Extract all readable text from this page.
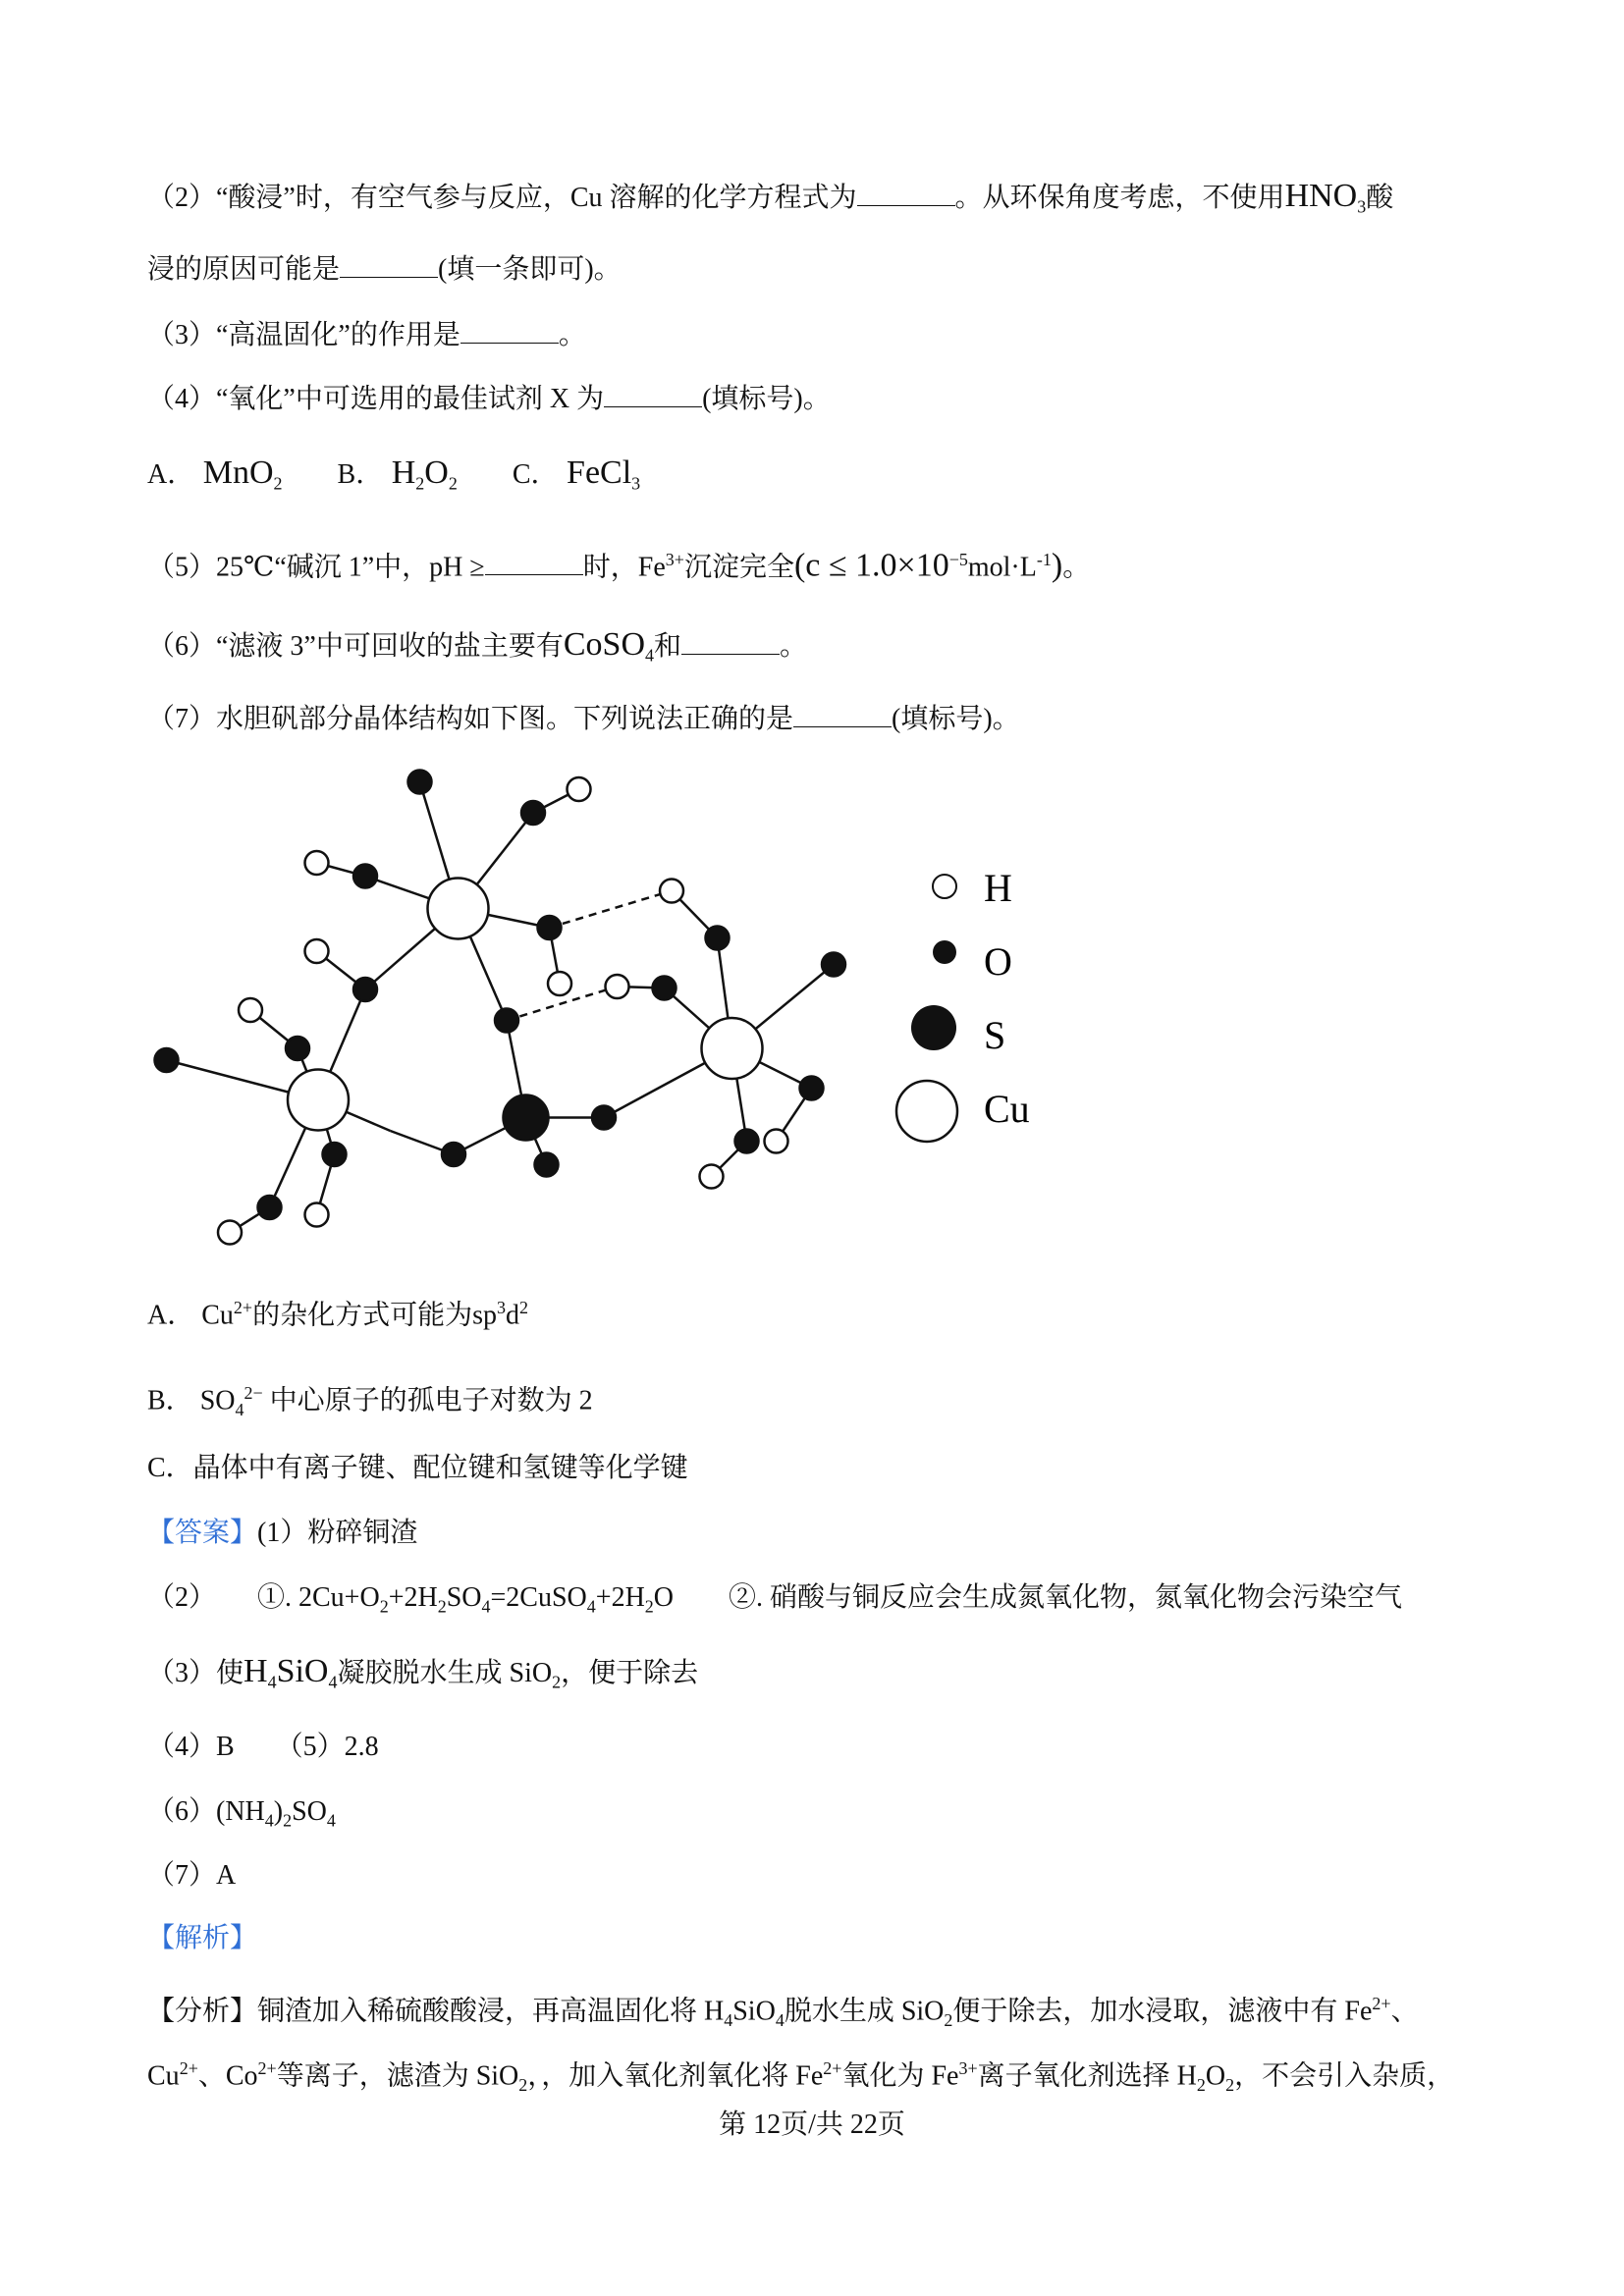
（2）“酸浸”时，有空气参与反应，Cu 溶解的化学方程式为	。从环保角度考虑，不使用$HNO_3$酸
浸的原因可能是	(填一条即可)。
（3）“高温固化”的作用是	。
（4）“氧化”中可选用的最佳试剂 X 为	(填标号)。
A． MnO$_2$　　B． $H_2O_2$　　C． FeCl$_3$
（5）25℃“碱沉 1”中，pH ≥	时，$Fe^{3+}$沉淀完全$(c \le 1.0\times 10^{-5}mol\cdot L^{-1})$。
（6）“滤液 3”中可回收的盐主要有CoSO$_4$和	。
（7）水胆矾部分晶体结构如下图。下列说法正确的是	(填标号)。
A． $Cu^{2+}$的杂化方式可能为$sp^3d^2$
B． $SO_4^{2-}$ 中心原子的孤电子对数为 2
C．晶体中有离子键、配位键和氢键等化学键
【答案】(1）粉碎铜渣
（2）　　①. $2Cu+O_2+2H_2SO_4=2CuSO_4+2H_2O$　　②. 硝酸与铜反应会生成氮氧化物，氮氧化物会污染空气
（3）使$H_4SiO_4$凝胶脱水生成 SiO$_2$，便于除去
（4）B　　（5）2.8
$(6)(NH_4)_2SO_4$
（7）A
【解析】
【分析】铜渣加入稀硫酸酸浸，再高温固化将 $H_4SiO_4$脱水生成 SiO$_2$便于除去，加水浸取，滤液中有 $Fe^{2+}$、
$Cu^{2+}$、$Co^{2+}$等离子，滤渣为 SiO$_2$，，加入氧化剂氧化将 $Fe^{2+}$氧化为 $Fe^{3+}$离子氧化剂选择 $H_2O_2$，不会引入杂质，
H
O
S
Cu
第 12页/共 22页
